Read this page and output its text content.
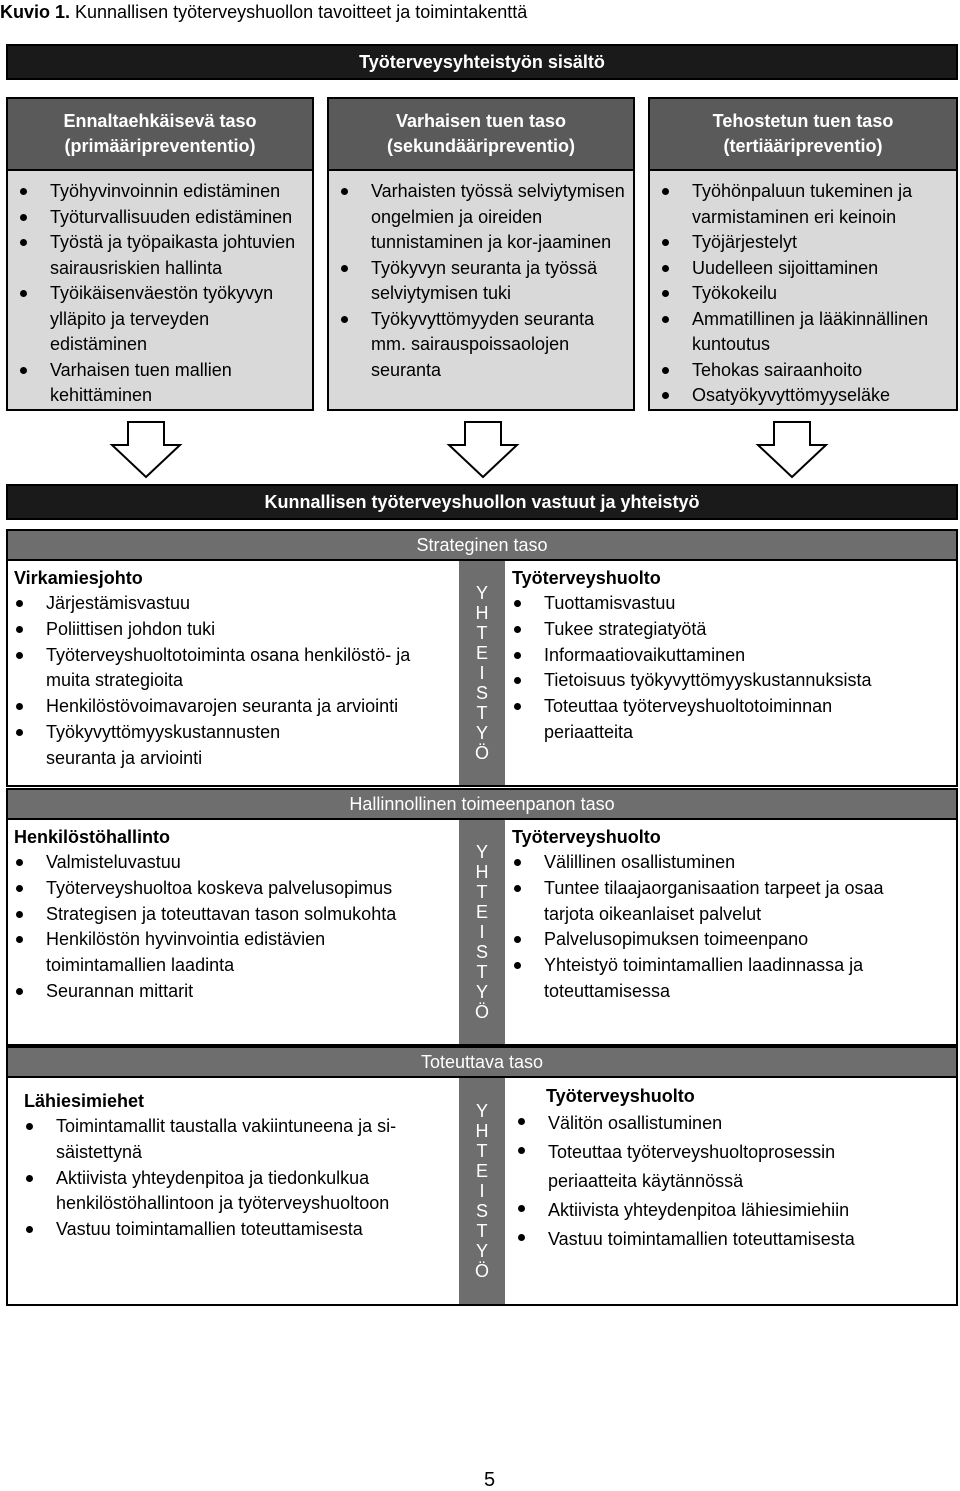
Kuvio 1. Kunnallisen työterveyshuollon tavoitteet ja toimintakenttä
Työterveysyhteistyön sisältö
Ennaltaehkäisevä taso
(primääriprevententio)
Työhyvinvoinnin edistäminen
Työturvallisuuden edistäminen
Työstä ja työpaikasta johtuvien sairausriskien hallinta
Työikäisenväestön työkyvyn ylläpito ja terveyden edistäminen
Varhaisen tuen mallien kehittäminen
Varhaisen tuen taso
(sekundääripreventio)
Varhaisten työssä selviytymisen ongelmien ja oireiden tunnistaminen ja kor-jaaminen
Työkyvyn seuranta ja työssä selviytymisen tuki
Työkyvyttömyyden seuranta mm. sairauspoissaolojen seuranta
Tehostetun tuen taso
(tertiääripreventio)
Työhönpaluun tukeminen ja varmistaminen eri keinoin
Työjärjestelyt
Uudelleen sijoittaminen
Työkokeilu
Ammatillinen ja lääkinnällinen kuntoutus
Tehokas sairaanhoito
Osatyökyvyttömyyseläke
Kunnallisen työterveyshuollon vastuut ja yhteistyö
Strateginen taso
Virkamiesjohto
Järjestämisvastuu
Poliittisen johdon tuki
Työterveyshuoltotoiminta osana henkilöstö- ja muita strategioita
Henkilöstövoimavarojen seuranta ja arviointi
Työkyvyttömyyskustannusten seuranta ja arviointi
Y
H
T
E
I
S
T
Y
Ö
Työterveyshuolto
Tuottamisvastuu
Tukee strategiatyötä
Informaatiovaikuttaminen
Tietoisuus työkyvyttömyyskustannuksista
Toteuttaa työterveyshuoltotoiminnan periaatteita
Hallinnollinen toimeenpanon taso
Henkilöstöhallinto
Valmisteluvastuu
Työterveyshuoltoa koskeva palvelusopimus
Strategisen ja toteuttavan tason solmukohta
Henkilöstön hyvinvointia edistävien toimintamallien laadinta
Seurannan mittarit
Y
H
T
E
I
S
T
Y
Ö
Työterveyshuolto
Välillinen osallistuminen
Tuntee tilaajaorganisaation tarpeet ja osaa tarjota oikeanlaiset palvelut
Palvelusopimuksen toimeenpano
Yhteistyö toimintamallien laadinnassa ja toteuttamisessa
Toteuttava taso
Lähiesimiehet
Toimintamallit taustalla vakiintuneena ja si-säistettynä
Aktiivista yhteydenpitoa ja tiedonkulkua henkilöstöhallintoon ja työterveyshuoltoon
Vastuu toimintamallien toteuttamisesta
Y
H
T
E
I
S
T
Y
Ö
Työterveyshuolto
Välitön osallistuminen
Toteuttaa työterveyshuoltoprosessin periaatteita käytännössä
Aktiivista yhteydenpitoa lähiesimiehiin
Vastuu toimintamallien toteuttamisesta
5
